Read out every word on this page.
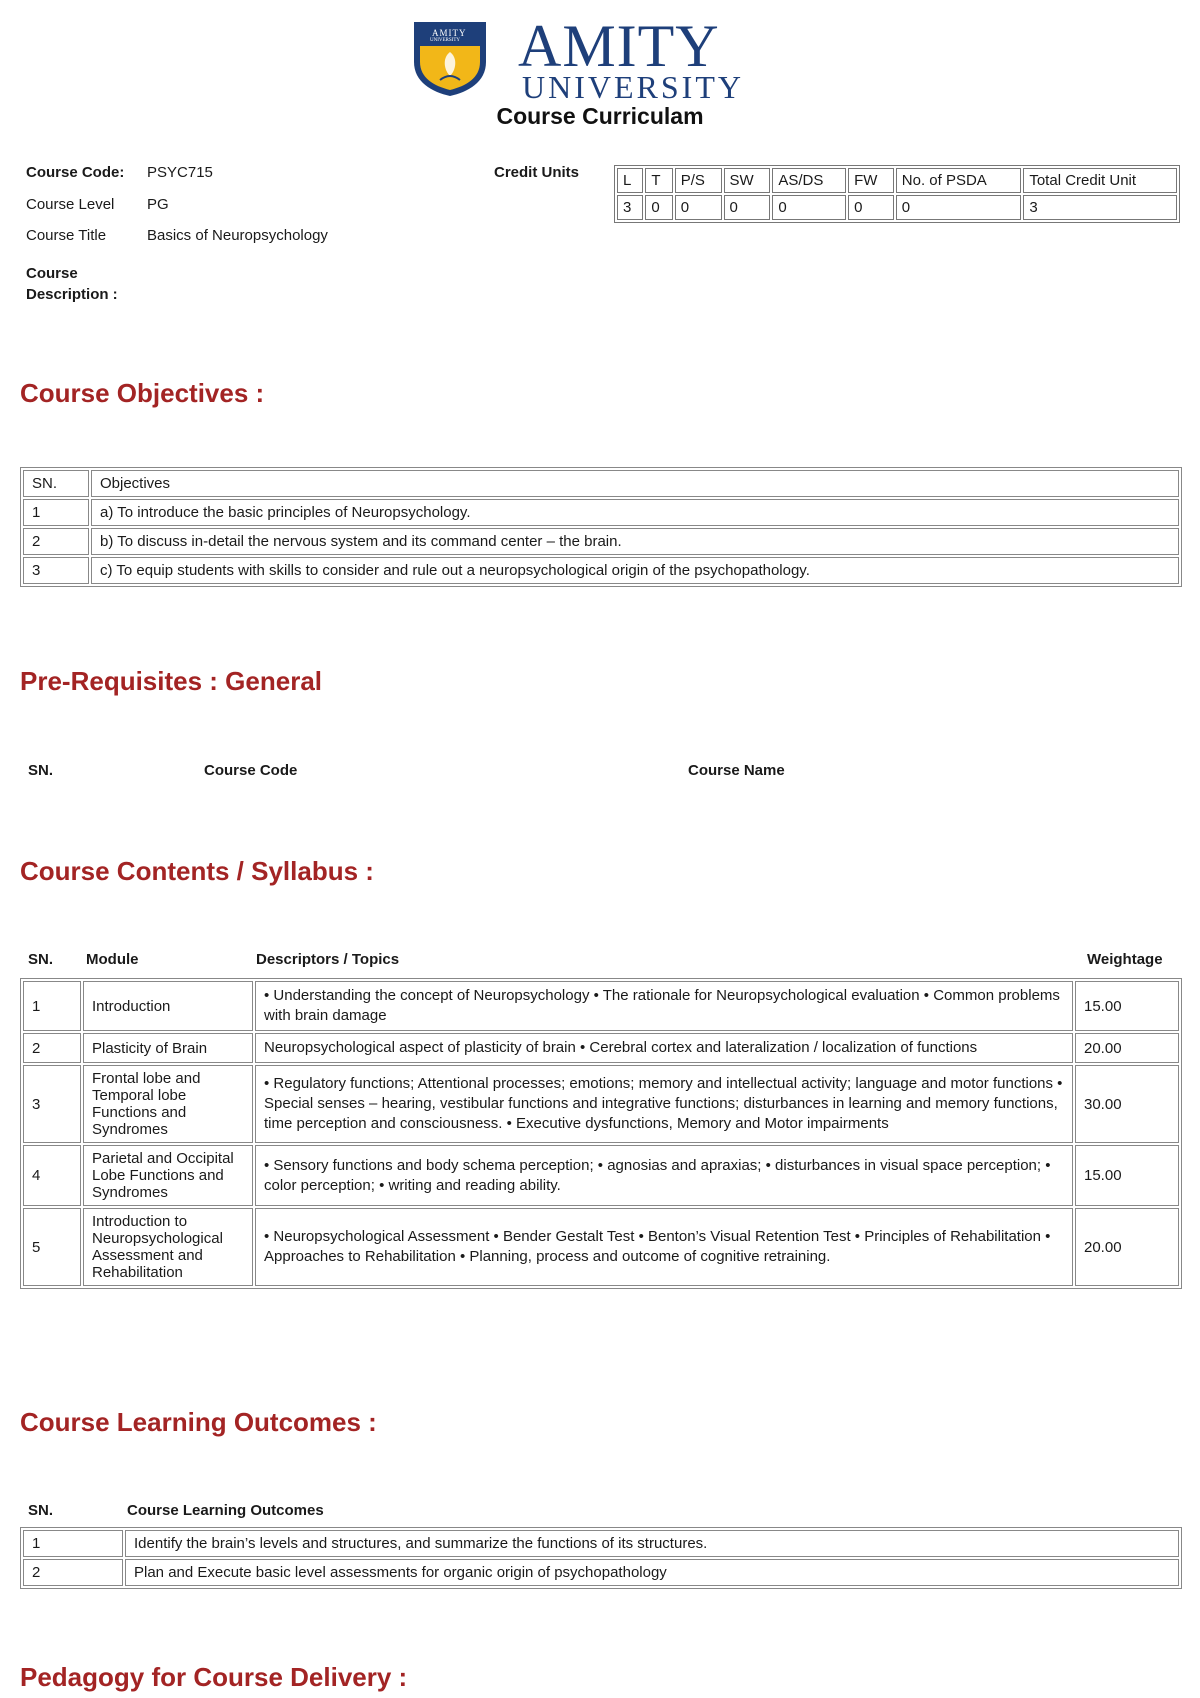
AMITY
UNIVERSITY AMITY
UNIVERSITY
Course Curriculam
Course Code: PSYC715
Course Level PG
Course Title	Basics of Neuropsychology
Course
Description :
Credit Units	L	T	P/S	SW	AS/DS	FW	No. of PSDA	Total Credit Unit
3	0	0	0	0	0	0	3
Course Objectives :
SN.	Objectives
1	a) To introduce the basic principles of Neuropsychology.
2	b) To discuss in-detail the nervous system and its command center – the brain.
3	c) To equip students with skills to consider and rule out a neuropsychological origin of the psychopathology.
Pre-Requisites : General
SN.	Course Code	Course Name
Course Contents / Syllabus :
SN. Module	Descriptors / Topics	Weightage
1	Introduction	• Understanding the concept of Neuropsychology • The rationale for Neuropsychological evaluation • Common problems with brain damage	15.00
2	Plasticity of Brain	Neuropsychological aspect of plasticity of brain • Cerebral cortex and lateralization / localization of functions	20.00
3	Frontal lobe and Temporal lobe Functions and Syndromes	• Regulatory functions; Attentional processes; emotions; memory and intellectual activity; language and motor functions • Special senses – hearing, vestibular functions and integrative functions; disturbances in learning and memory functions, time perception and consciousness. • Executive dysfunctions, Memory and Motor impairments	30.00
4	Parietal and Occipital Lobe Functions and Syndromes	• Sensory functions and body schema perception; • agnosias and apraxias; • disturbances in visual space perception; • color perception; • writing and reading ability.	15.00
5	Introduction to Neuropsychological Assessment and Rehabilitation	• Neuropsychological Assessment • Bender Gestalt Test • Benton’s Visual Retention Test • Principles of Rehabilitation • Approaches to Rehabilitation • Planning, process and outcome of cognitive retraining.	20.00
Course Learning Outcomes :
SN.	Course Learning Outcomes
1	Identify the brain’s levels and structures, and summarize the functions of its structures.
2	Plan and Execute basic level assessments for organic origin of psychopathology
Pedagogy for Course Delivery :
